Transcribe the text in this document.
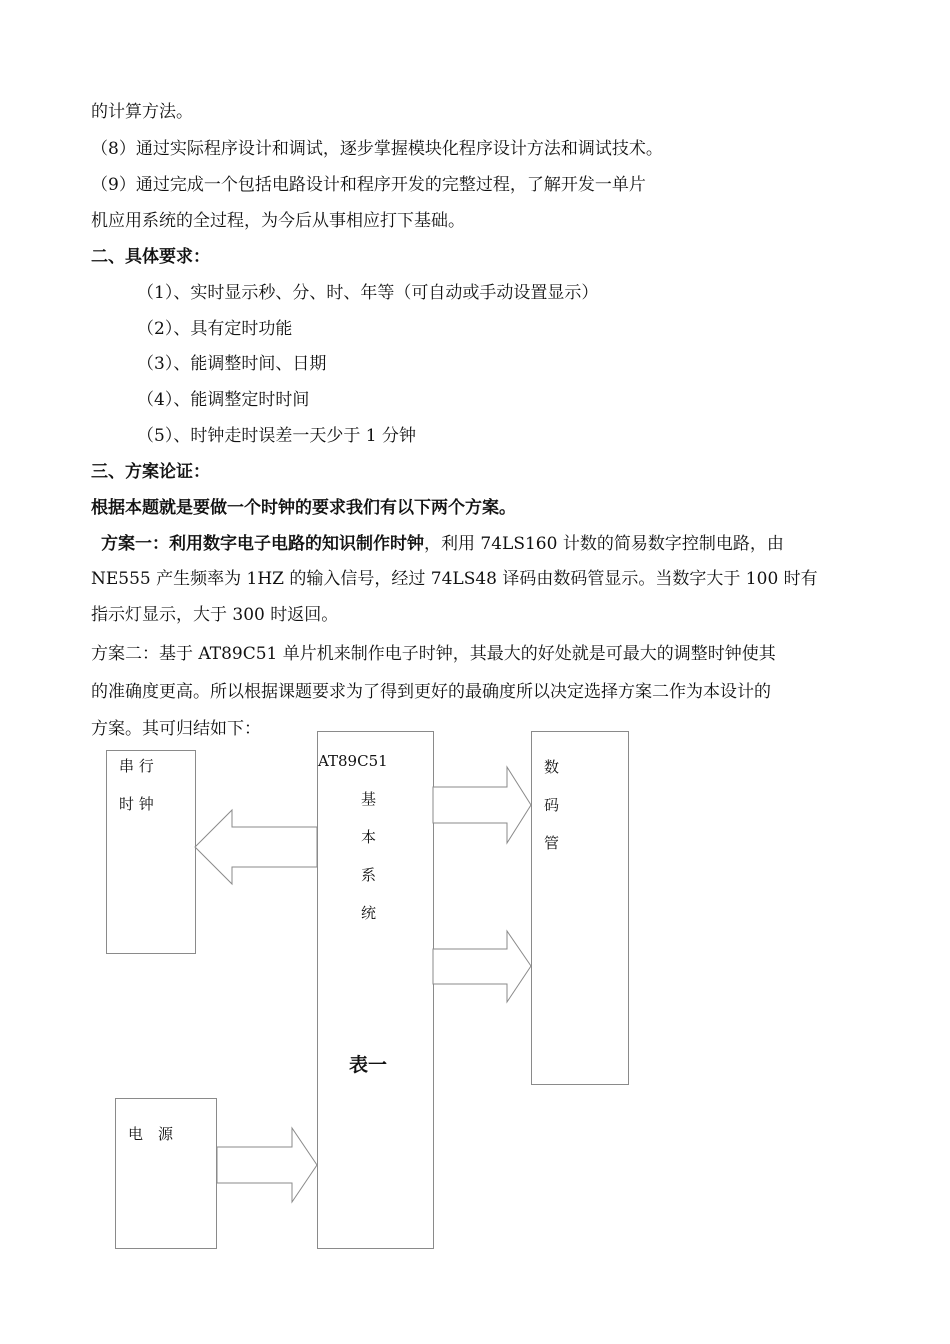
的计算方法。
（8）通过实际程序设计和调试，逐步掌握模块化程序设计方法和调试技术。
（9）通过完成一个包括电路设计和程序开发的完整过程，了解开发一单片
机应用系统的全过程，为今后从事相应打下基础。
二、具体要求：
（1）、实时显示秒、分、时、年等（可自动或手动设置显示）
（2）、具有定时功能
（3）、能调整时间、日期
（4）、能调整定时时间
（5）、时钟走时误差一天少于 1 分钟
三、方案论证：
根据本题就是要做一个时钟的要求我们有以下两个方案。
方案一：利用数字电子电路的知识制作时钟，利用 74LS160 计数的简易数字控制电路，由
NE555 产生频率为 1HZ 的输入信号，经过 74LS48 译码由数码管显示。当数字大于 100 时有
指示灯显示，大于 300 时返回。
方案二：基于 AT89C51 单片机来制作电子时钟，其最大的好处就是可最大的调整时钟使其
的准确度更高。所以根据课题要求为了得到更好的最确度所以决定选择方案二作为本设计的
方案。其可归结如下：
串 行
时 钟
AT89C51
基
本
系
统
数
码
管
电　源
表一
